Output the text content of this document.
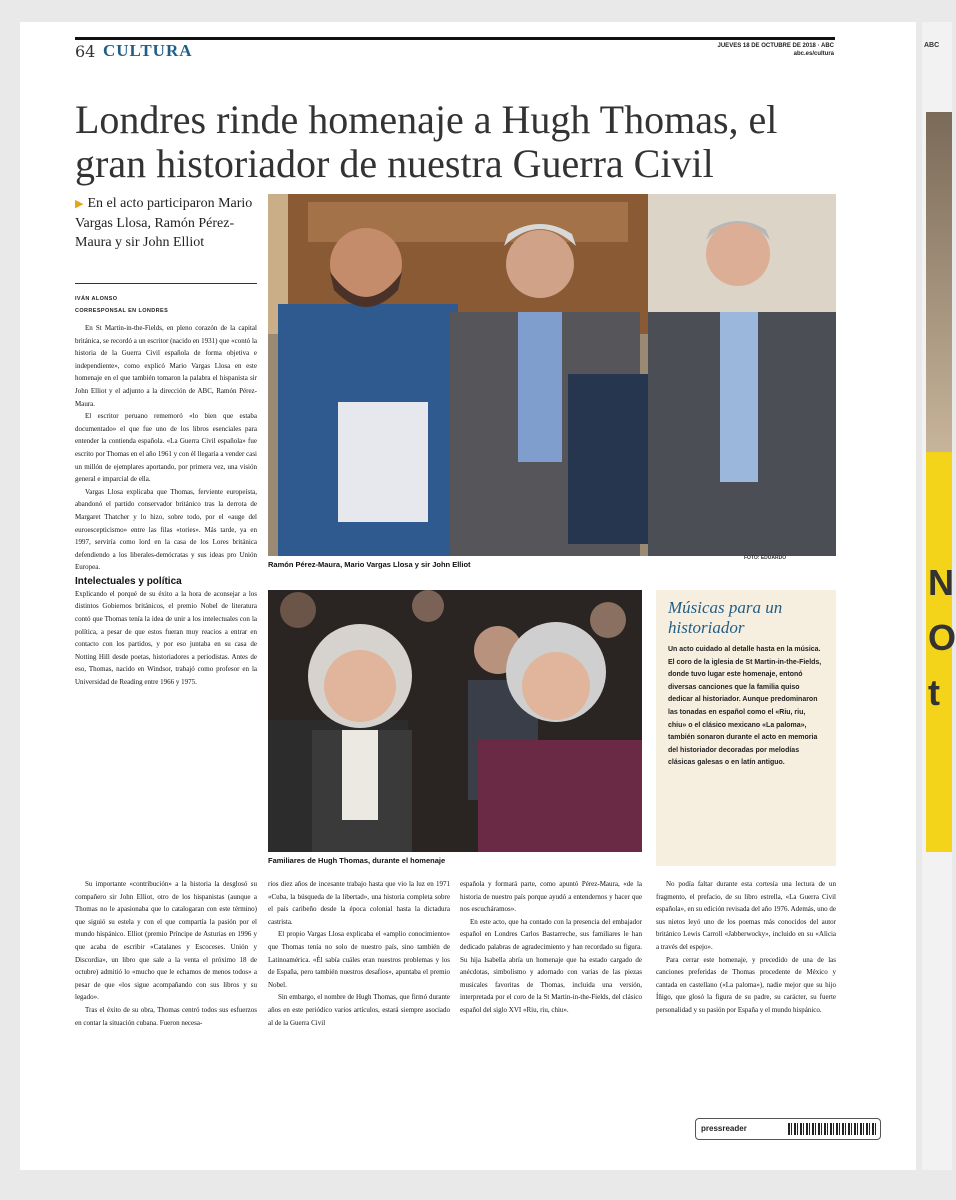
64 CULTURA	JUEVES 18 DE OCTUBRE DE 2018 · ABC
abc.es/cultura
Londres rinde homenaje a Hugh Thomas, el gran historiador de nuestra Guerra Civil
▶ En el acto participaron Mario Vargas Llosa, Ramón Pérez-Maura y sir John Elliot
IVÁN ALONSO
CORRESPONSAL EN LONDRES

En St Martin-in-the-Fields, en pleno corazón de la capital británica, se recordó a un escritor (nacido en 1931) que «contó la historia de la Guerra Civil española de forma objetiva e independiente», como explicó Mario Vargas Llosa en este homenaje en el que también tomaron la palabra el hispanista sir John Elliot y el adjunto a la dirección de ABC, Ramón Pérez-Maura.

El escritor peruano rememoró «lo bien que estaba documentado» el que fue uno de los libros esenciales para entender la contienda española. «La Guerra Civil española» fue escrito por Thomas en el año 1961 y con él llegaría a vender casi un millón de ejemplares aportando, por primera vez, una visión general e imparcial de ella.

Vargas Llosa explicaba que Thomas, ferviente europeísta, abandonó el partido conservador británico tras la derrota de Margaret Thatcher y lo hizo, sobre todo, por el «auge del euroescepticismo» entre las filas «tories». Más tarde, ya en 1997, serviría como lord en la casa de los Lores británica defendiendo a los liberales-demócratas y sus ideas pro Unión Europea.

Intelectuales y política

Explicando el porqué de su éxito a la hora de aconsejar a los distintos Gobiernos británicos, el premio Nobel de literatura contó que Thomas tenía la idea de unir a los intelectuales con la política, a pesar de que estos fueran muy reacios a entrar en contacto con los partidos, y por eso juntaba en su casa de Notting Hill desde poetas, historiadores a periodistas. Antes de eso, Thomas, nacido en Windsor, trabajó como profesor en la Universidad de Reading entre 1966 y 1975.

Ramón Pérez-Maura, Mario Vargas Llosa y sir John Elliot
FOTO: EDUARDO
Familiares de Hugh Thomas, durante el homenaje
Músicas para un historiador
Un acto cuidado al detalle hasta en la música. El coro de la iglesia de St Martin-in-the-Fields, donde tuvo lugar este homenaje, entonó diversas canciones que la familia quiso dedicar al historiador. Aunque predominaron las tonadas en español como el «Riu, riu, chiu» o el clásico mexicano «La paloma», también sonaron durante el acto en memoria del historiador decoradas por melodías clásicas galesas o en latín antiguo.

Su importante «contribución» a la historia la desglosó su compañero sir John Elliot, otro de los hispanistas (aunque a Thomas no le apasionaba que lo catalogaran con este término) que siguió su estela y con el que compartía la pasión por el mundo hispánico. Elliot (premio Príncipe de Asturias en 1996 y que acaba de escribir «Catalanes y Escoceses. Unión y Discordia», un libro que sale a la venta el próximo 18 de octubre) admitió lo «mucho que le echamos de menos todos» a pesar de que «los sigue acompañando con sus libros y su legado».

Tras el éxito de su obra, Thomas centró todos sus esfuerzos en contar la situación cubana. Fueron necesa-

rios diez años de incesante trabajo hasta que vio la luz en 1971 «Cuba, la búsqueda de la libertad», una historia completa sobre el país caribeño desde la época colonial hasta la dictadura castrista.

El propio Vargas Llosa explicaba el «amplio conocimiento» que Thomas tenía no solo de nuestro país, sino también de Latinoamérica. «Él sabía cuáles eran nuestros problemas y los de España, pero también nuestros desafíos», apuntaba el premio Nobel.

Sin embargo, el nombre de Hugh Thomas, que firmó durante años en este periódico varios artículos, estará siempre asociado al de la Guerra Civil

española y formará parte, como apuntó Pérez-Maura, «de la historia de nuestro país porque ayudó a entendernos y hacer que nos escucháramos».

En este acto, que ha contado con la presencia del embajador español en Londres Carlos Bastarreche, sus familiares le han dedicado palabras de agradecimiento y han recordado su figura. Su hija Isabella abría un homenaje que ha estado cargado de anécdotas, simbolismo y adornado con varias de las piezas musicales favoritas de Thomas, incluida una versión, interpretada por el coro de la St Martin-in-the-Fields, del clásico español del siglo XVI «Riu, riu, chiu».

No podía faltar durante esta cortesía una lectura de un fragmento, el prefacio, de su libro estrella, «La Guerra Civil española», en su edición revisada del año 1976. Además, uno de sus nietos leyó uno de los poemas más conocidos del autor británico Lewis Carroll «Jabberwocky», incluido en su «Alicia a través del espejo».

Para cerrar este homenaje, y precedido de una de las canciones preferidas de Thomas procedente de México y cantada en castellano («La paloma»), nadie mejor que su hijo Íñigo, que glosó la figura de su padre, su carácter, su fuerte personalidad y su pasión por España y el mundo hispánico.

pressreader
ABC
N
O
t
